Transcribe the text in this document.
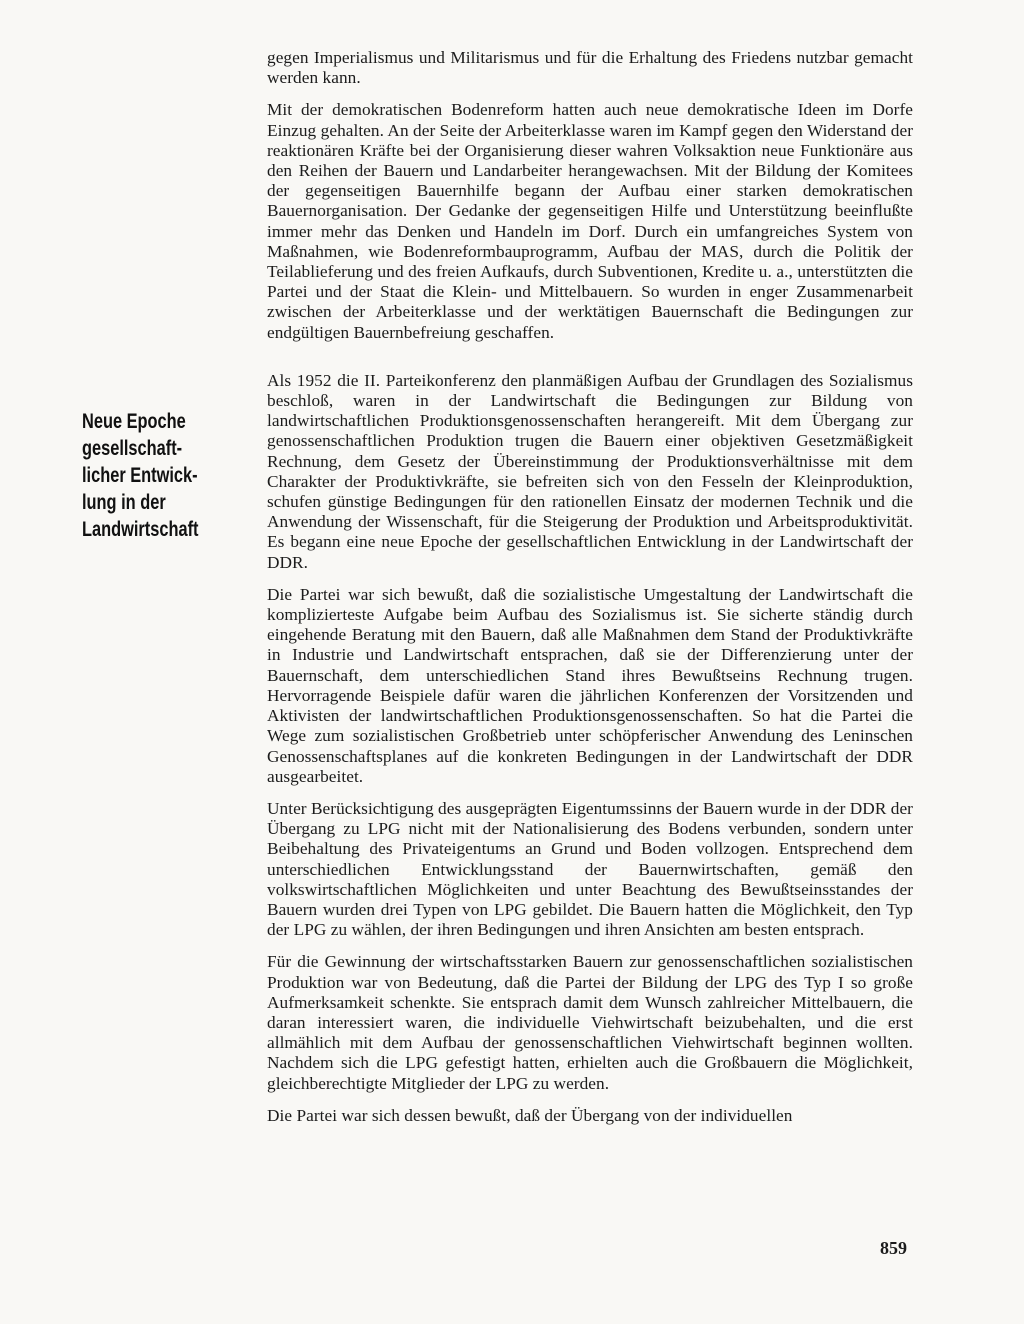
Neue Epoche gesellschaft- licher Entwick- lung in der Landwirtschaft

gegen Imperialismus und Militarismus und für die Erhaltung des Friedens nutzbar gemacht werden kann.

Mit der demokratischen Bodenreform hatten auch neue demokratische Ideen im Dorfe Einzug gehalten. An der Seite der Arbeiterklasse waren im Kampf gegen den Widerstand der reaktionären Kräfte bei der Organisierung dieser wahren Volksaktion neue Funktionäre aus den Reihen der Bauern und Landarbeiter herangewachsen. Mit der Bildung der Komitees der gegenseitigen Bauernhilfe begann der Aufbau einer starken demokratischen Bauernorganisation. Der Gedanke der gegenseitigen Hilfe und Unterstützung beeinflußte immer mehr das Denken und Handeln im Dorf. Durch ein umfangreiches System von Maßnahmen, wie Bodenreformbauprogramm, Aufbau der MAS, durch die Politik der Teilablieferung und des freien Aufkaufs, durch Subventionen, Kredite u. a., unterstützten die Partei und der Staat die Klein- und Mittelbauern. So wurden in enger Zusammenarbeit zwischen der Arbeiterklasse und der werktätigen Bauernschaft die Bedingungen zur endgültigen Bauernbefreiung geschaffen.

Als 1952 die II. Parteikonferenz den planmäßigen Aufbau der Grundlagen des Sozialismus beschloß, waren in der Landwirtschaft die Bedingungen zur Bildung von landwirtschaftlichen Produktionsgenossenschaften herangereift. Mit dem Übergang zur genossenschaftlichen Produktion trugen die Bauern einer objektiven Gesetzmäßigkeit Rechnung, dem Gesetz der Übereinstimmung der Produktionsverhältnisse mit dem Charakter der Produktivkräfte, sie befreiten sich von den Fesseln der Kleinproduktion, schufen günstige Bedingungen für den rationellen Einsatz der modernen Technik und die Anwendung der Wissenschaft, für die Steigerung der Produktion und Arbeitsproduktivität. Es begann eine neue Epoche der gesellschaftlichen Entwicklung in der Landwirtschaft der DDR.

Die Partei war sich bewußt, daß die sozialistische Umgestaltung der Landwirtschaft die komplizierteste Aufgabe beim Aufbau des Sozialismus ist. Sie sicherte ständig durch eingehende Beratung mit den Bauern, daß alle Maßnahmen dem Stand der Produktivkräfte in Industrie und Landwirtschaft entsprachen, daß sie der Differenzierung unter der Bauernschaft, dem unterschiedlichen Stand ihres Bewußtseins Rechnung trugen. Hervorragende Beispiele dafür waren die jährlichen Konferenzen der Vorsitzenden und Aktivisten der landwirtschaftlichen Produktionsgenossenschaften. So hat die Partei die Wege zum sozialistischen Großbetrieb unter schöpferischer Anwendung des Leninschen Genossenschaftsplanes auf die konkreten Bedingungen in der Landwirtschaft der DDR ausgearbeitet.

Unter Berücksichtigung des ausgeprägten Eigentumssinns der Bauern wurde in der DDR der Übergang zu LPG nicht mit der Nationalisierung des Bodens verbunden, sondern unter Beibehaltung des Privateigentums an Grund und Boden vollzogen. Entsprechend dem unterschiedlichen Entwicklungsstand der Bauernwirtschaften, gemäß den volkswirtschaftlichen Möglichkeiten und unter Beachtung des Bewußtseinsstandes der Bauern wurden drei Typen von LPG gebildet. Die Bauern hatten die Möglichkeit, den Typ der LPG zu wählen, der ihren Bedingungen und ihren Ansichten am besten entsprach.

Für die Gewinnung der wirtschaftsstarken Bauern zur genossenschaftlichen sozialistischen Produktion war von Bedeutung, daß die Partei der Bildung der LPG des Typ I so große Aufmerksamkeit schenkte. Sie entsprach damit dem Wunsch zahlreicher Mittelbauern, die daran interessiert waren, die individuelle Viehwirtschaft beizubehalten, und die erst allmählich mit dem Aufbau der genossenschaftlichen Viehwirtschaft beginnen wollten. Nachdem sich die LPG gefestigt hatten, erhielten auch die Großbauern die Möglichkeit, gleichberechtigte Mitglieder der LPG zu werden.

Die Partei war sich dessen bewußt, daß der Übergang von der individuellen

859
